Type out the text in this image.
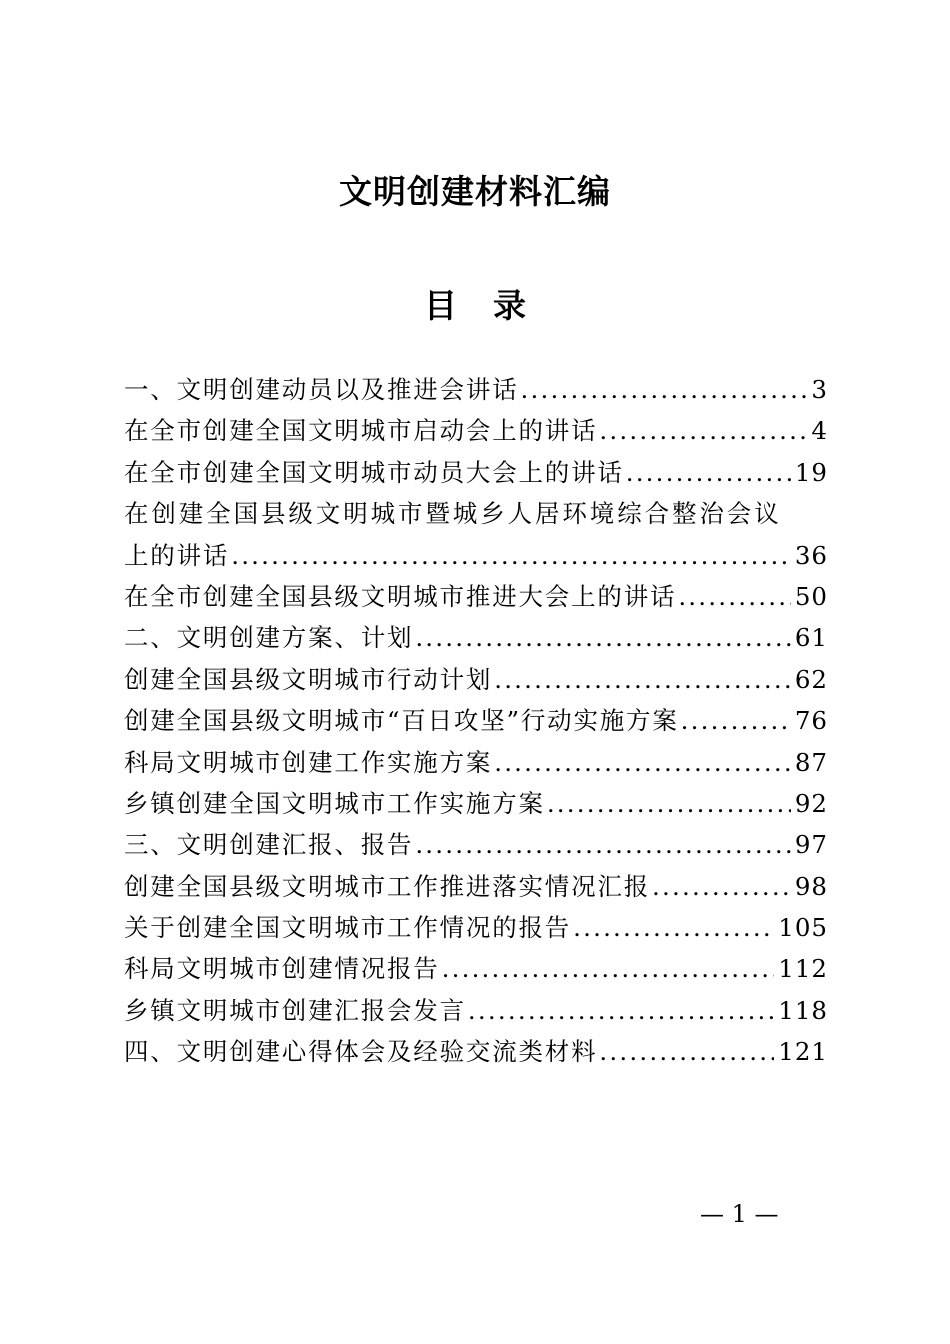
文明创建材料汇编
目 录
一、文明创建动员以及推进会讲话 .....	3
在全市创建全国文明城市启动会上的讲话 .....	4
在全市创建全国文明城市动员大会上的讲话 .....	19
在创建全国县级文明城市暨城乡人居环境综合整治会议
上的讲话 .....	36
在全市创建全国县级文明城市推进大会上的讲话 .....	50
二、文明创建方案、计划 .....	61
创建全国县级文明城市行动计划 .....	62
创建全国县级文明城市“百日攻坚”行动实施方案 .....	76
科局文明城市创建工作实施方案 .....	87
乡镇创建全国文明城市工作实施方案 .....	92
三、文明创建汇报、报告 .....	97
创建全国县级文明城市工作推进落实情况汇报 .....	98
关于创建全国文明城市工作情况的报告 .....	105
科局文明城市创建情况报告 .....	112
乡镇文明城市创建汇报会发言 .....	118
四、文明创建心得体会及经验交流类材料 .....	121
— 1 —
